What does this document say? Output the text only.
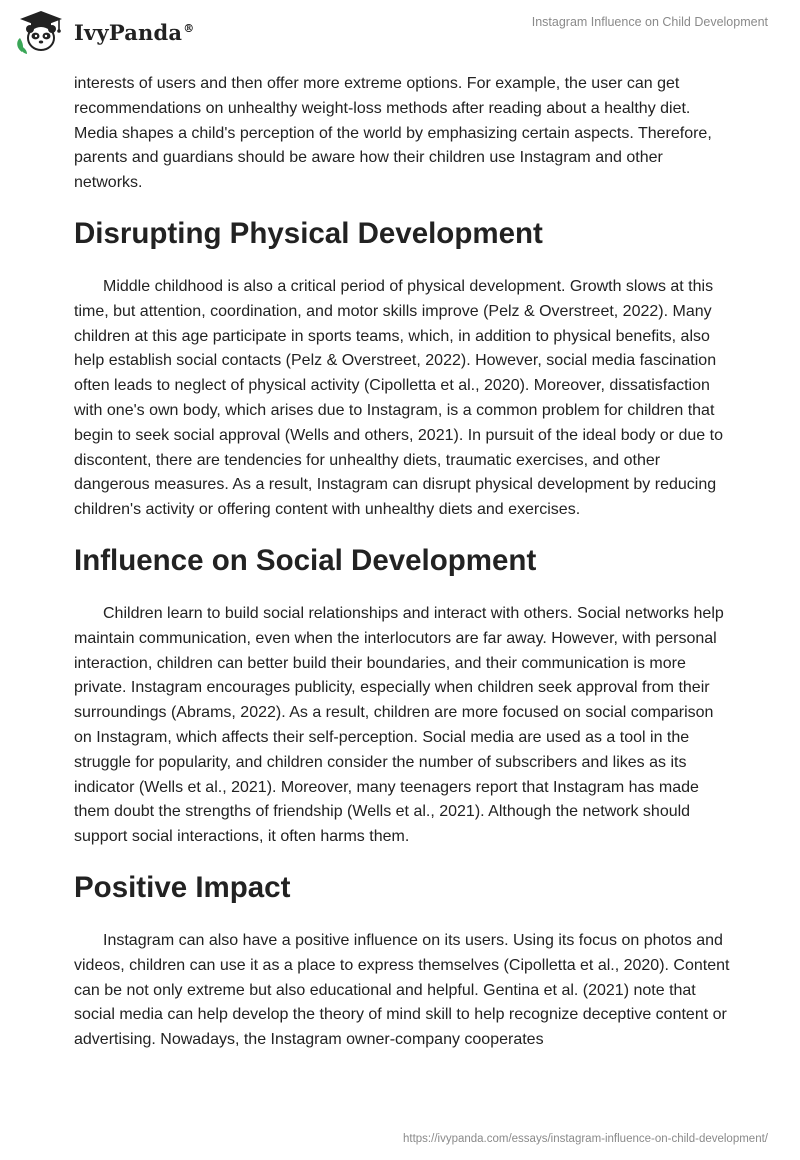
IvyPanda®	Instagram Influence on Child Development

interests of users and then offer more extreme options. For example, the user can get recommendations on unhealthy weight-loss methods after reading about a healthy diet. Media shapes a child's perception of the world by emphasizing certain aspects. Therefore, parents and guardians should be aware how their children use Instagram and other networks.

Disrupting Physical Development

Middle childhood is also a critical period of physical development. Growth slows at this time, but attention, coordination, and motor skills improve (Pelz & Overstreet, 2022). Many children at this age participate in sports teams, which, in addition to physical benefits, also help establish social contacts (Pelz & Overstreet, 2022). However, social media fascination often leads to neglect of physical activity (Cipolletta et al., 2020). Moreover, dissatisfaction with one's own body, which arises due to Instagram, is a common problem for children that begin to seek social approval (Wells and others, 2021). In pursuit of the ideal body or due to discontent, there are tendencies for unhealthy diets, traumatic exercises, and other dangerous measures. As a result, Instagram can disrupt physical development by reducing children's activity or offering content with unhealthy diets and exercises.

Influence on Social Development

Children learn to build social relationships and interact with others. Social networks help maintain communication, even when the interlocutors are far away. However, with personal interaction, children can better build their boundaries, and their communication is more private. Instagram encourages publicity, especially when children seek approval from their surroundings (Abrams, 2022). As a result, children are more focused on social comparison on Instagram, which affects their self-perception. Social media are used as a tool in the struggle for popularity, and children consider the number of subscribers and likes as its indicator (Wells et al., 2021). Moreover, many teenagers report that Instagram has made them doubt the strengths of friendship (Wells et al., 2021). Although the network should support social interactions, it often harms them.

Positive Impact

Instagram can also have a positive influence on its users. Using its focus on photos and videos, children can use it as a place to express themselves (Cipolletta et al., 2020). Content can be not only extreme but also educational and helpful. Gentina et al. (2021) note that social media can help develop the theory of mind skill to help recognize deceptive content or advertising. Nowadays, the Instagram owner-company cooperates

https://ivypanda.com/essays/instagram-influence-on-child-development/
